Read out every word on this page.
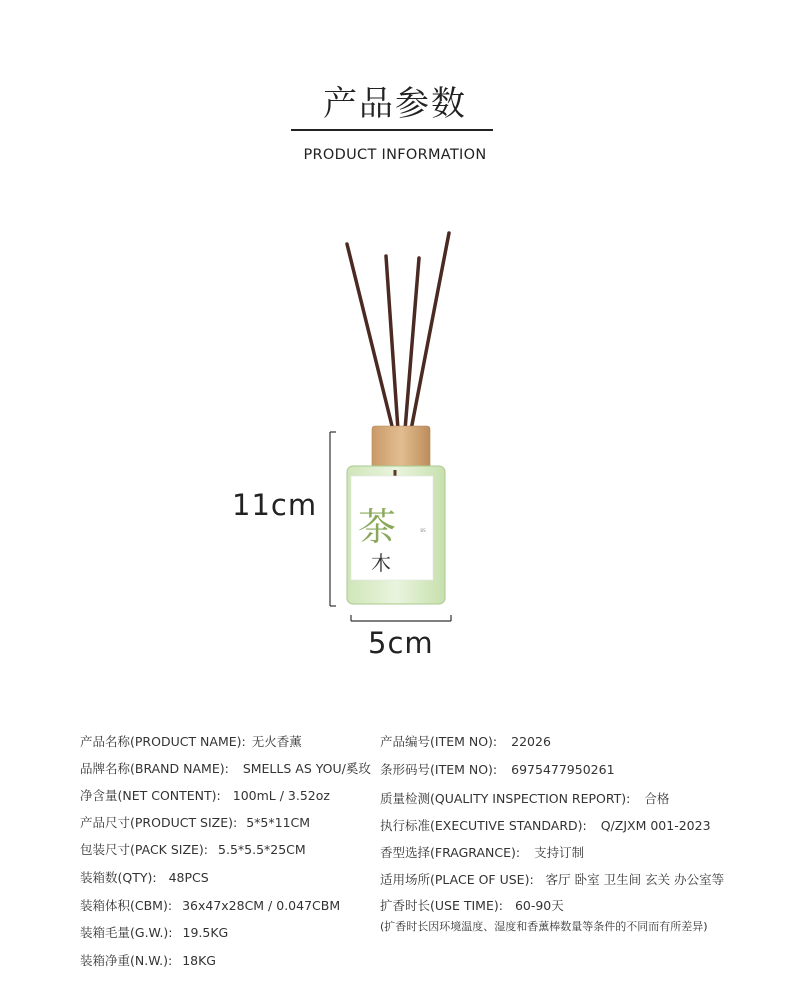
产品参数
PRODUCT INFORMATION
茶
木
BS
11cm
5cm
产品名称(PRODUCT NAME): 无火香薰
品牌名称(BRAND NAME): SMELLS AS YOU/奚玫
净含量(NET CONTENT): 100mL / 3.52oz
产品尺寸(PRODUCT SIZE): 5*5*11CM
包装尺寸(PACK SIZE): 5.5*5.5*25CM
装箱数(QTY): 48PCS
装箱体积(CBM): 36x47x28CM / 0.047CBM
装箱毛量(G.W.): 19.5KG
装箱净重(N.W.): 18KG
产品编号(ITEM NO): 22026
条形码号(ITEM NO): 6975477950261
质量检测(QUALITY INSPECTION REPORT): 合格
执行标准(EXECUTIVE STANDARD): Q/ZJXM 001-2023
香型选择(FRAGRANCE): 支持订制
适用场所(PLACE OF USE): 客厅 卧室 卫生间 玄关 办公室等
扩香时长(USE TIME): 60-90天
(扩香时长因环境温度、湿度和香薰棒数量等条件的不同而有所差异)
